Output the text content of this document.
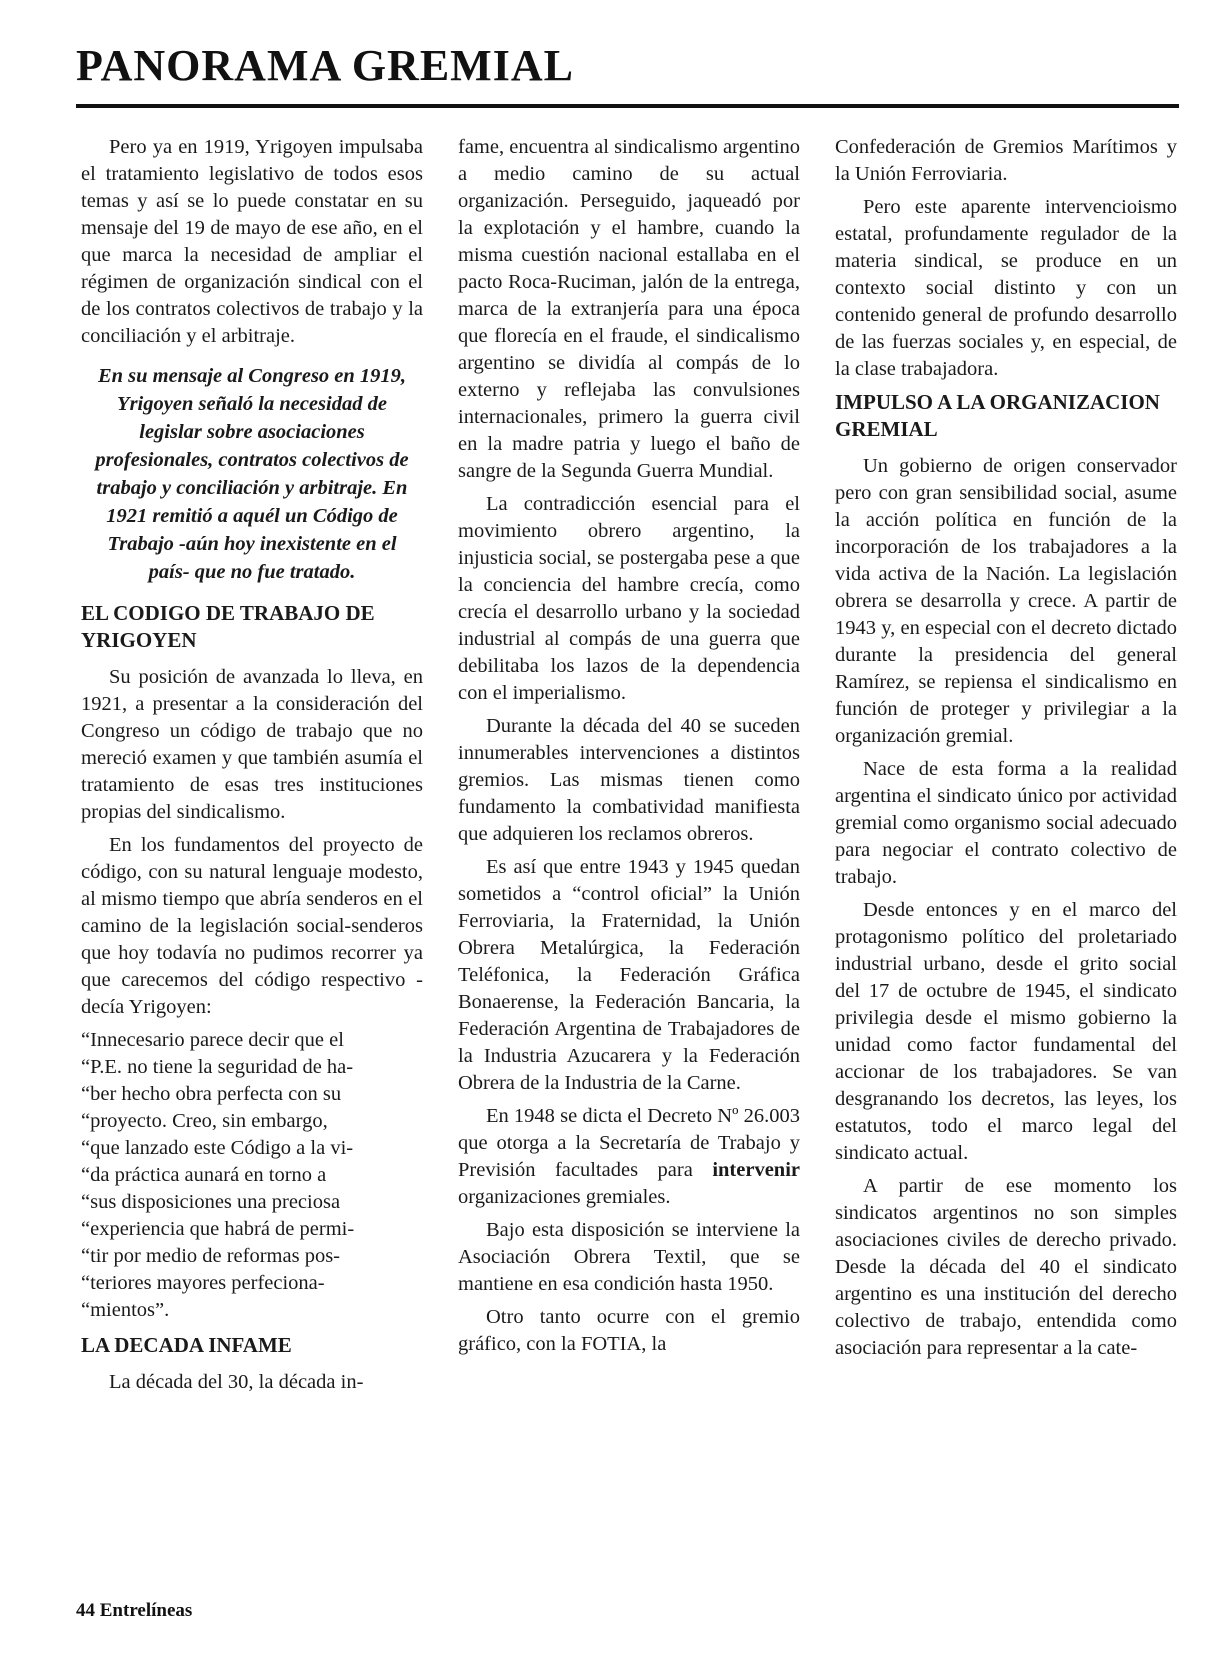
PANORAMA GREMIAL

Pero ya en 1919, Yrigoyen impulsaba el tratamiento legislativo de todos esos temas y así se lo puede constatar en su mensaje del 19 de mayo de ese año, en el que marca la necesidad de ampliar el régimen de organización sindical con el de los contratos colectivos de trabajo y la conciliación y el arbitraje.

En su mensaje al Congreso en 1919, Yrigoyen señaló la necesidad de legislar sobre asociaciones profesionales, contratos colectivos de trabajo y conciliación y arbitraje. En 1921 remitió a aquél un Código de Trabajo -aún hoy inexistente en el país- que no fue tratado.
EL CODIGO DE TRABAJO DE YRIGOYEN

Su posición de avanzada lo lleva, en 1921, a presentar a la consideración del Congreso un código de trabajo que no mereció examen y que también asumía el tratamiento de esas tres instituciones propias del sindicalismo.

En los fundamentos del proyecto de código, con su natural lenguaje modesto, al mismo tiempo que abría senderos en el camino de la legislación social-senderos que hoy todavía no pudimos recorrer ya que carecemos del código respectivo -decía Yrigoyen:

“Innecesario parece decir que el

“P.E. no tiene la seguridad de ha-

“ber hecho obra perfecta con su

“proyecto. Creo, sin embargo,

“que lanzado este Código a la vi-

“da práctica aunará en torno a

“sus disposiciones una preciosa

“experiencia que habrá de permi-

“tir por medio de reformas pos-

“teriores mayores perfeciona-

“mientos”.

LA DECADA INFAME

La década del 30, la década in-

fame, encuentra al sindicalismo argentino a medio camino de su actual organización. Perseguido, jaqueadó por la explotación y el hambre, cuando la misma cuestión nacional estallaba en el pacto Roca-Ruciman, jalón de la entrega, marca de la extranjería para una época que florecía en el fraude, el sindicalismo argentino se dividía al compás de lo externo y reflejaba las convulsiones internacionales, primero la guerra civil en la madre patria y luego el baño de sangre de la Segunda Guerra Mundial.

La contradicción esencial para el movimiento obrero argentino, la injusticia social, se postergaba pese a que la conciencia del hambre crecía, como crecía el desarrollo urbano y la sociedad industrial al compás de una guerra que debilitaba los lazos de la dependencia con el imperialismo.

Durante la década del 40 se suceden innumerables intervenciones a distintos gremios. Las mismas tienen como fundamento la combatividad manifiesta que adquieren los reclamos obreros.

Es así que entre 1943 y 1945 quedan sometidos a “control oficial” la Unión Ferroviaria, la Fraternidad, la Unión Obrera Metalúrgica, la Federación Teléfonica, la Federación Gráfica Bonaerense, la Federación Bancaria, la Federación Argentina de Trabajadores de la Industria Azucarera y la Federación Obrera de la Industria de la Carne.

En 1948 se dicta el Decreto Nº 26.003 que otorga a la Secretaría de Trabajo y Previsión facultades para intervenir organizaciones gremiales.

Bajo esta disposición se interviene la Asociación Obrera Textil, que se mantiene en esa condición hasta 1950.

Otro tanto ocurre con el gremio gráfico, con la FOTIA, la

Confederación de Gremios Marítimos y la Unión Ferroviaria.

Pero este aparente intervencioismo estatal, profundamente regulador de la materia sindical, se produce en un contexto social distinto y con un contenido general de profundo desarrollo de las fuerzas sociales y, en especial, de la clase trabajadora.

IMPULSO A LA ORGANIZACION GREMIAL

Un gobierno de origen conservador pero con gran sensibilidad social, asume la acción política en función de la incorporación de los trabajadores a la vida activa de la Nación. La legislación obrera se desarrolla y crece. A partir de 1943 y, en especial con el decreto dictado durante la presidencia del general Ramírez, se repiensa el sindicalismo en función de proteger y privilegiar a la organización gremial.

Nace de esta forma a la realidad argentina el sindicato único por actividad gremial como organismo social adecuado para negociar el contrato colectivo de trabajo.

Desde entonces y en el marco del protagonismo político del proletariado industrial urbano, desde el grito social del 17 de octubre de 1945, el sindicato privilegia desde el mismo gobierno la unidad como factor fundamental del accionar de los trabajadores. Se van desgranando los decretos, las leyes, los estatutos, todo el marco legal del sindicato actual.

A partir de ese momento los sindicatos argentinos no son simples asociaciones civiles de derecho privado. Desde la década del 40 el sindicato argentino es una institución del derecho colectivo de trabajo, entendida como asociación para representar a la cate-

44 Entrelíneas
